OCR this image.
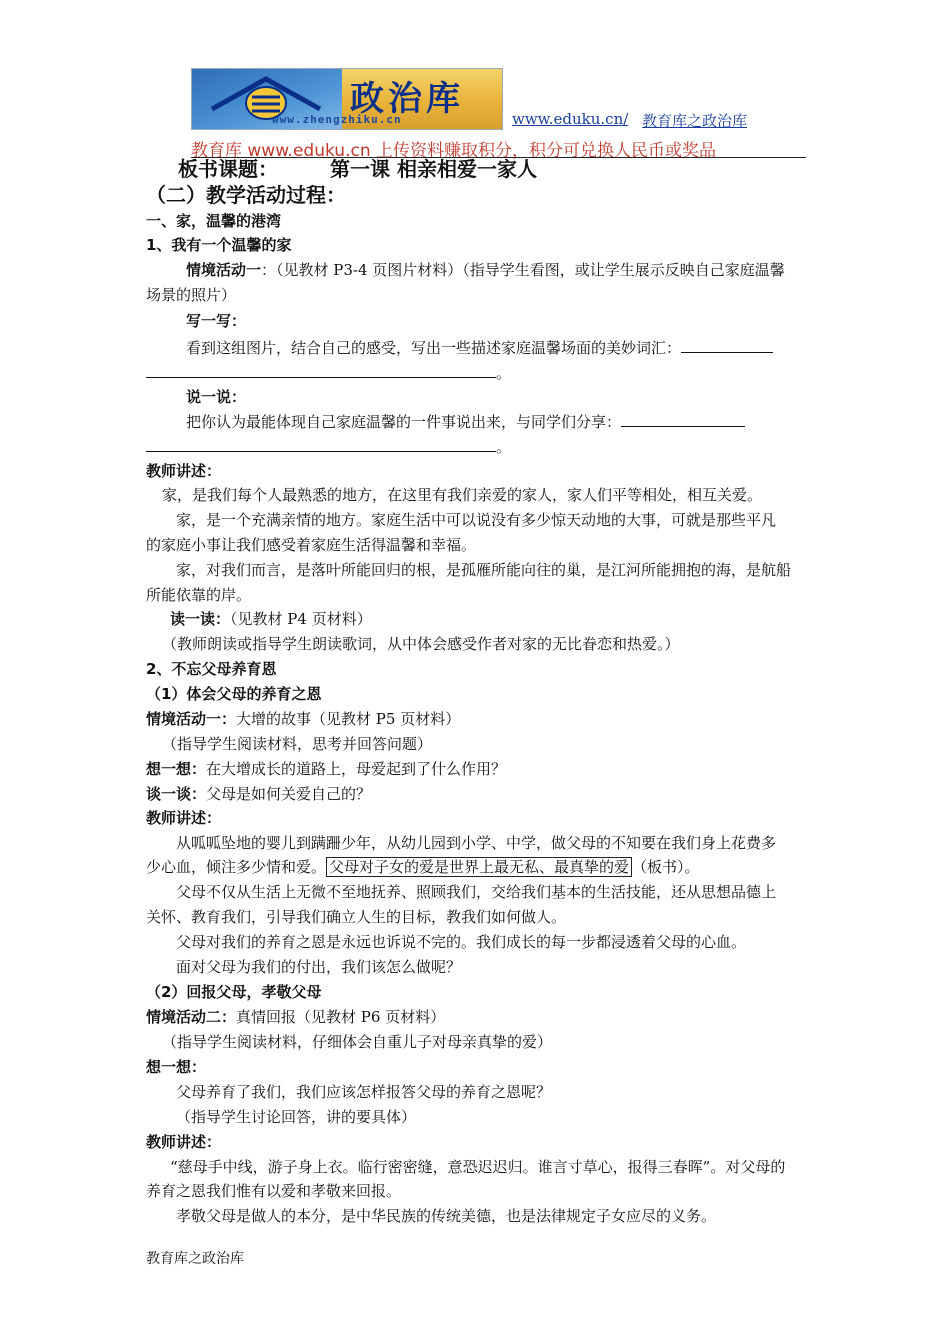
政治库
www.zhengzhiku.cn	www.eduku.cn/ 教育库之政治库
教育库 www.eduku.cn 上传资料赚取积分，积分可兑换人民币或奖品
板书课题：	第一课 相亲相爱一家人
（二）教学活动过程：
一、家，温馨的港湾
1、我有一个温馨的家
情境活动一：（见教材 P3-4 页图片材料）（指导学生看图，或让学生展示反映自己家庭温馨
场景的照片）
写一写：
看到这组图片，结合自己的感受，写出一些描述家庭温馨场面的美妙词汇：
。
说一说：
把你认为最能体现自己家庭温馨的一件事说出来，与同学们分享：
。
教师讲述：
家，是我们每个人最熟悉的地方，在这里有我们亲爱的家人，家人们平等相处，相互关爱。
家，是一个充满亲情的地方。家庭生活中可以说没有多少惊天动地的大事，可就是那些平凡
的家庭小事让我们感受着家庭生活得温馨和幸福。
家，对我们而言，是落叶所能回归的根，是孤雁所能向往的巢，是江河所能拥抱的海，是航船
所能依靠的岸。
读一读：（见教材 P4 页材料）
（教师朗读或指导学生朗读歌词，从中体会感受作者对家的无比眷恋和热爱。）
2、不忘父母养育恩
（1）体会父母的养育之恩
情境活动一：大增的故事（见教材 P5 页材料）
（指导学生阅读材料，思考并回答问题）
想一想：在大增成长的道路上，母爱起到了什么作用？
谈一谈：父母是如何关爱自己的？
教师讲述：
从呱呱坠地的婴儿到蹒跚少年，从幼儿园到小学、中学，做父母的不知要在我们身上花费多
少心血，倾注多少情和爱。 父母对子女的爱是世界上最无私、最真挚的爱 （板书）。
父母不仅从生活上无微不至地抚养、照顾我们，交给我们基本的生活技能，还从思想品德上
关怀、教育我们，引导我们确立人生的目标，教我们如何做人。
父母对我们的养育之恩是永远也诉说不完的。我们成长的每一步都浸透着父母的心血。
面对父母为我们的付出，我们该怎么做呢？
（2）回报父母，孝敬父母
情境活动二：真情回报（见教材 P6 页材料）
（指导学生阅读材料，仔细体会自重儿子对母亲真挚的爱）
想一想：
父母养育了我们，我们应该怎样报答父母的养育之恩呢？
（指导学生讨论回答，讲的要具体）
教师讲述：
“慈母手中线，游子身上衣。临行密密缝，意恐迟迟归。谁言寸草心，报得三春晖”。对父母的
养育之恩我们惟有以爱和孝敬来回报。
孝敬父母是做人的本分，是中华民族的传统美德，也是法律规定子女应尽的义务。
教育库之政治库
